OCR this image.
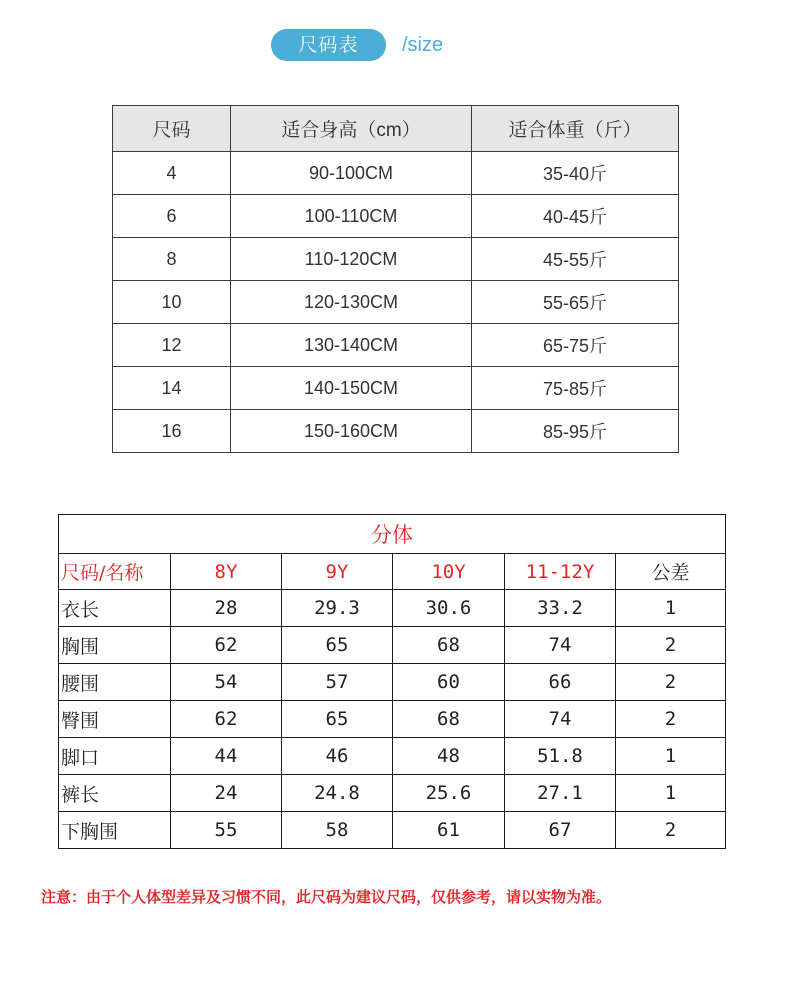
尺码表	/size
尺码	适合身高（cm）	适合体重（斤）
4	90-100CM	35-40斤
6	100-110CM	40-45斤
8	110-120CM	45-55斤
10	120-130CM	55-65斤
12	130-140CM	65-75斤
14	140-150CM	75-85斤
16	150-160CM	85-95斤
分体					
尺码/名称	8Y	9Y	10Y	11-12Y	公差
衣长	28	29.3	30.6	33.2	1
胸围	62	65	68	74	2
腰围	54	57	60	66	2
臀围	62	65	68	74	2
脚口	44	46	48	51.8	1
裤长	24	24.8	25.6	27.1	1
下胸围	55	58	61	67	2
注意：由于个人体型差异及习惯不同，此尺码为建议尺码，仅供参考，请以实物为准。
